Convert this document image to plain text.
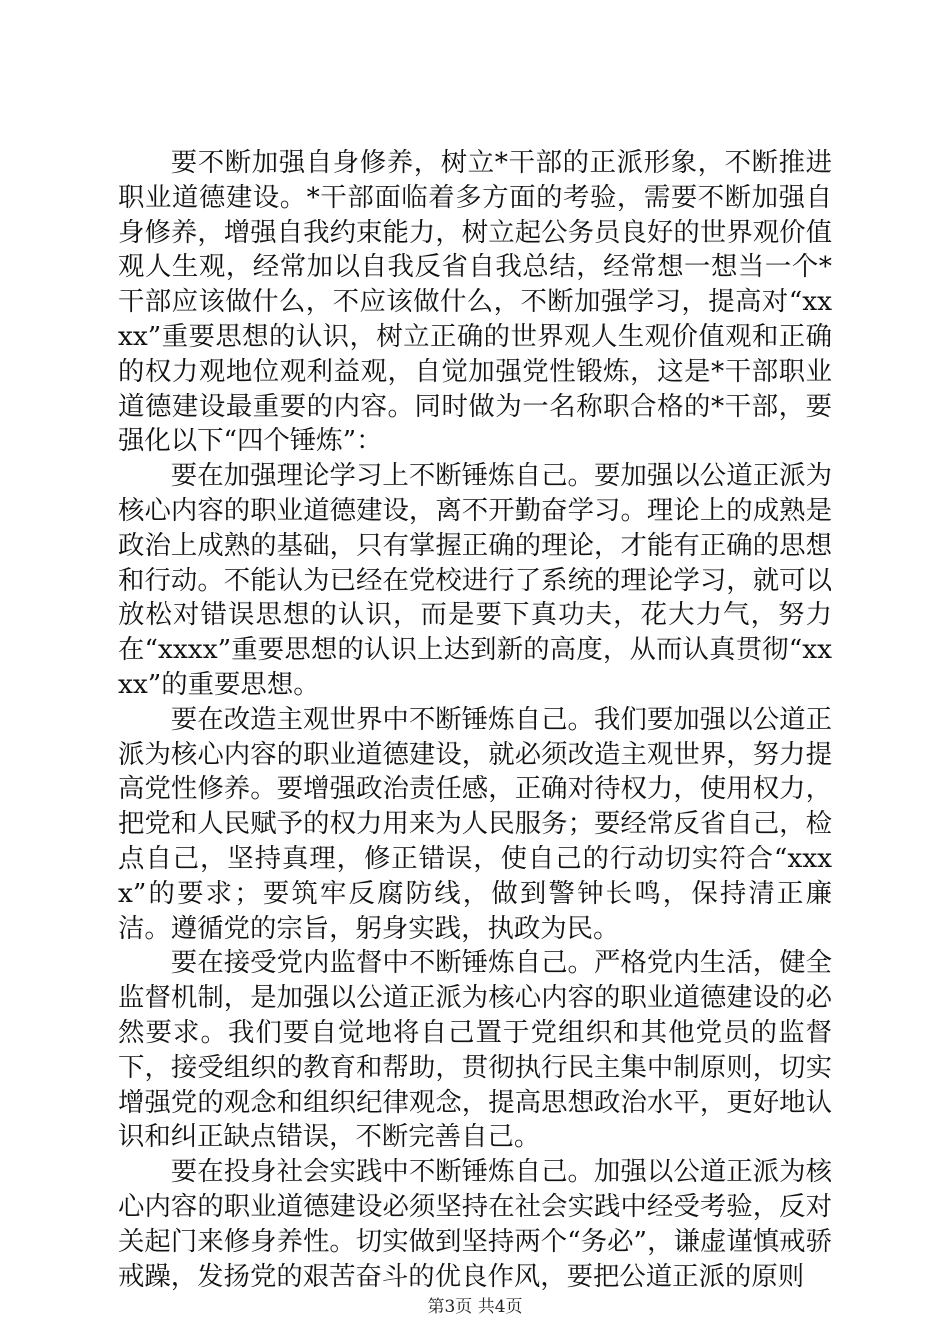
要不断加强自身修养，树立*干部的正派形象，不断推进职业道德建设。*干部面临着多方面的考验，需要不断加强自身修养，增强自我约束能力，树立起公务员良好的世界观价值观人生观，经常加以自我反省自我总结，经常想一想当一个*干部应该做什么，不应该做什么，不断加强学习，提高对“xxxx”重要思想的认识，树立正确的世界观人生观价值观和正确的权力观地位观利益观，自觉加强党性锻炼，这是*干部职业道德建设最重要的内容。同时做为一名称职合格的*干部，要强化以下“四个锤炼”：

要在加强理论学习上不断锤炼自己。要加强以公道正派为核心内容的职业道德建设，离不开勤奋学习。理论上的成熟是政治上成熟的基础，只有掌握正确的理论，才能有正确的思想和行动。不能认为已经在党校进行了系统的理论学习，就可以放松对错误思想的认识，而是要下真功夫，花大力气，努力在“xxxx”重要思想的认识上达到新的高度，从而认真贯彻“xxxx”的重要思想。

要在改造主观世界中不断锤炼自己。我们要加强以公道正派为核心内容的职业道德建设，就必须改造主观世界，努力提高党性修养。要增强政治责任感，正确对待权力，使用权力，把党和人民赋予的权力用来为人民服务；要经常反省自己，检点自己，坚持真理，修正错误，使自己的行动切实符合“xxxx”的要求；要筑牢反腐防线，做到警钟长鸣，保持清正廉洁。遵循党的宗旨，躬身实践，执政为民。

要在接受党内监督中不断锤炼自己。严格党内生活，健全监督机制，是加强以公道正派为核心内容的职业道德建设的必然要求。我们要自觉地将自己置于党组织和其他党员的监督下，接受组织的教育和帮助，贯彻执行民主集中制原则，切实增强党的观念和组织纪律观念，提高思想政治水平，更好地认识和纠正缺点错误，不断完善自己。

要在投身社会实践中不断锤炼自己。加强以公道正派为核心内容的职业道德建设必须坚持在社会实践中经受考验，反对关起门来修身养性。切实做到坚持两个“务必”，谦虚谨慎戒骄戒躁，发扬党的艰苦奋斗的优良作风，要把公道正派的原则

第3页 共4页
